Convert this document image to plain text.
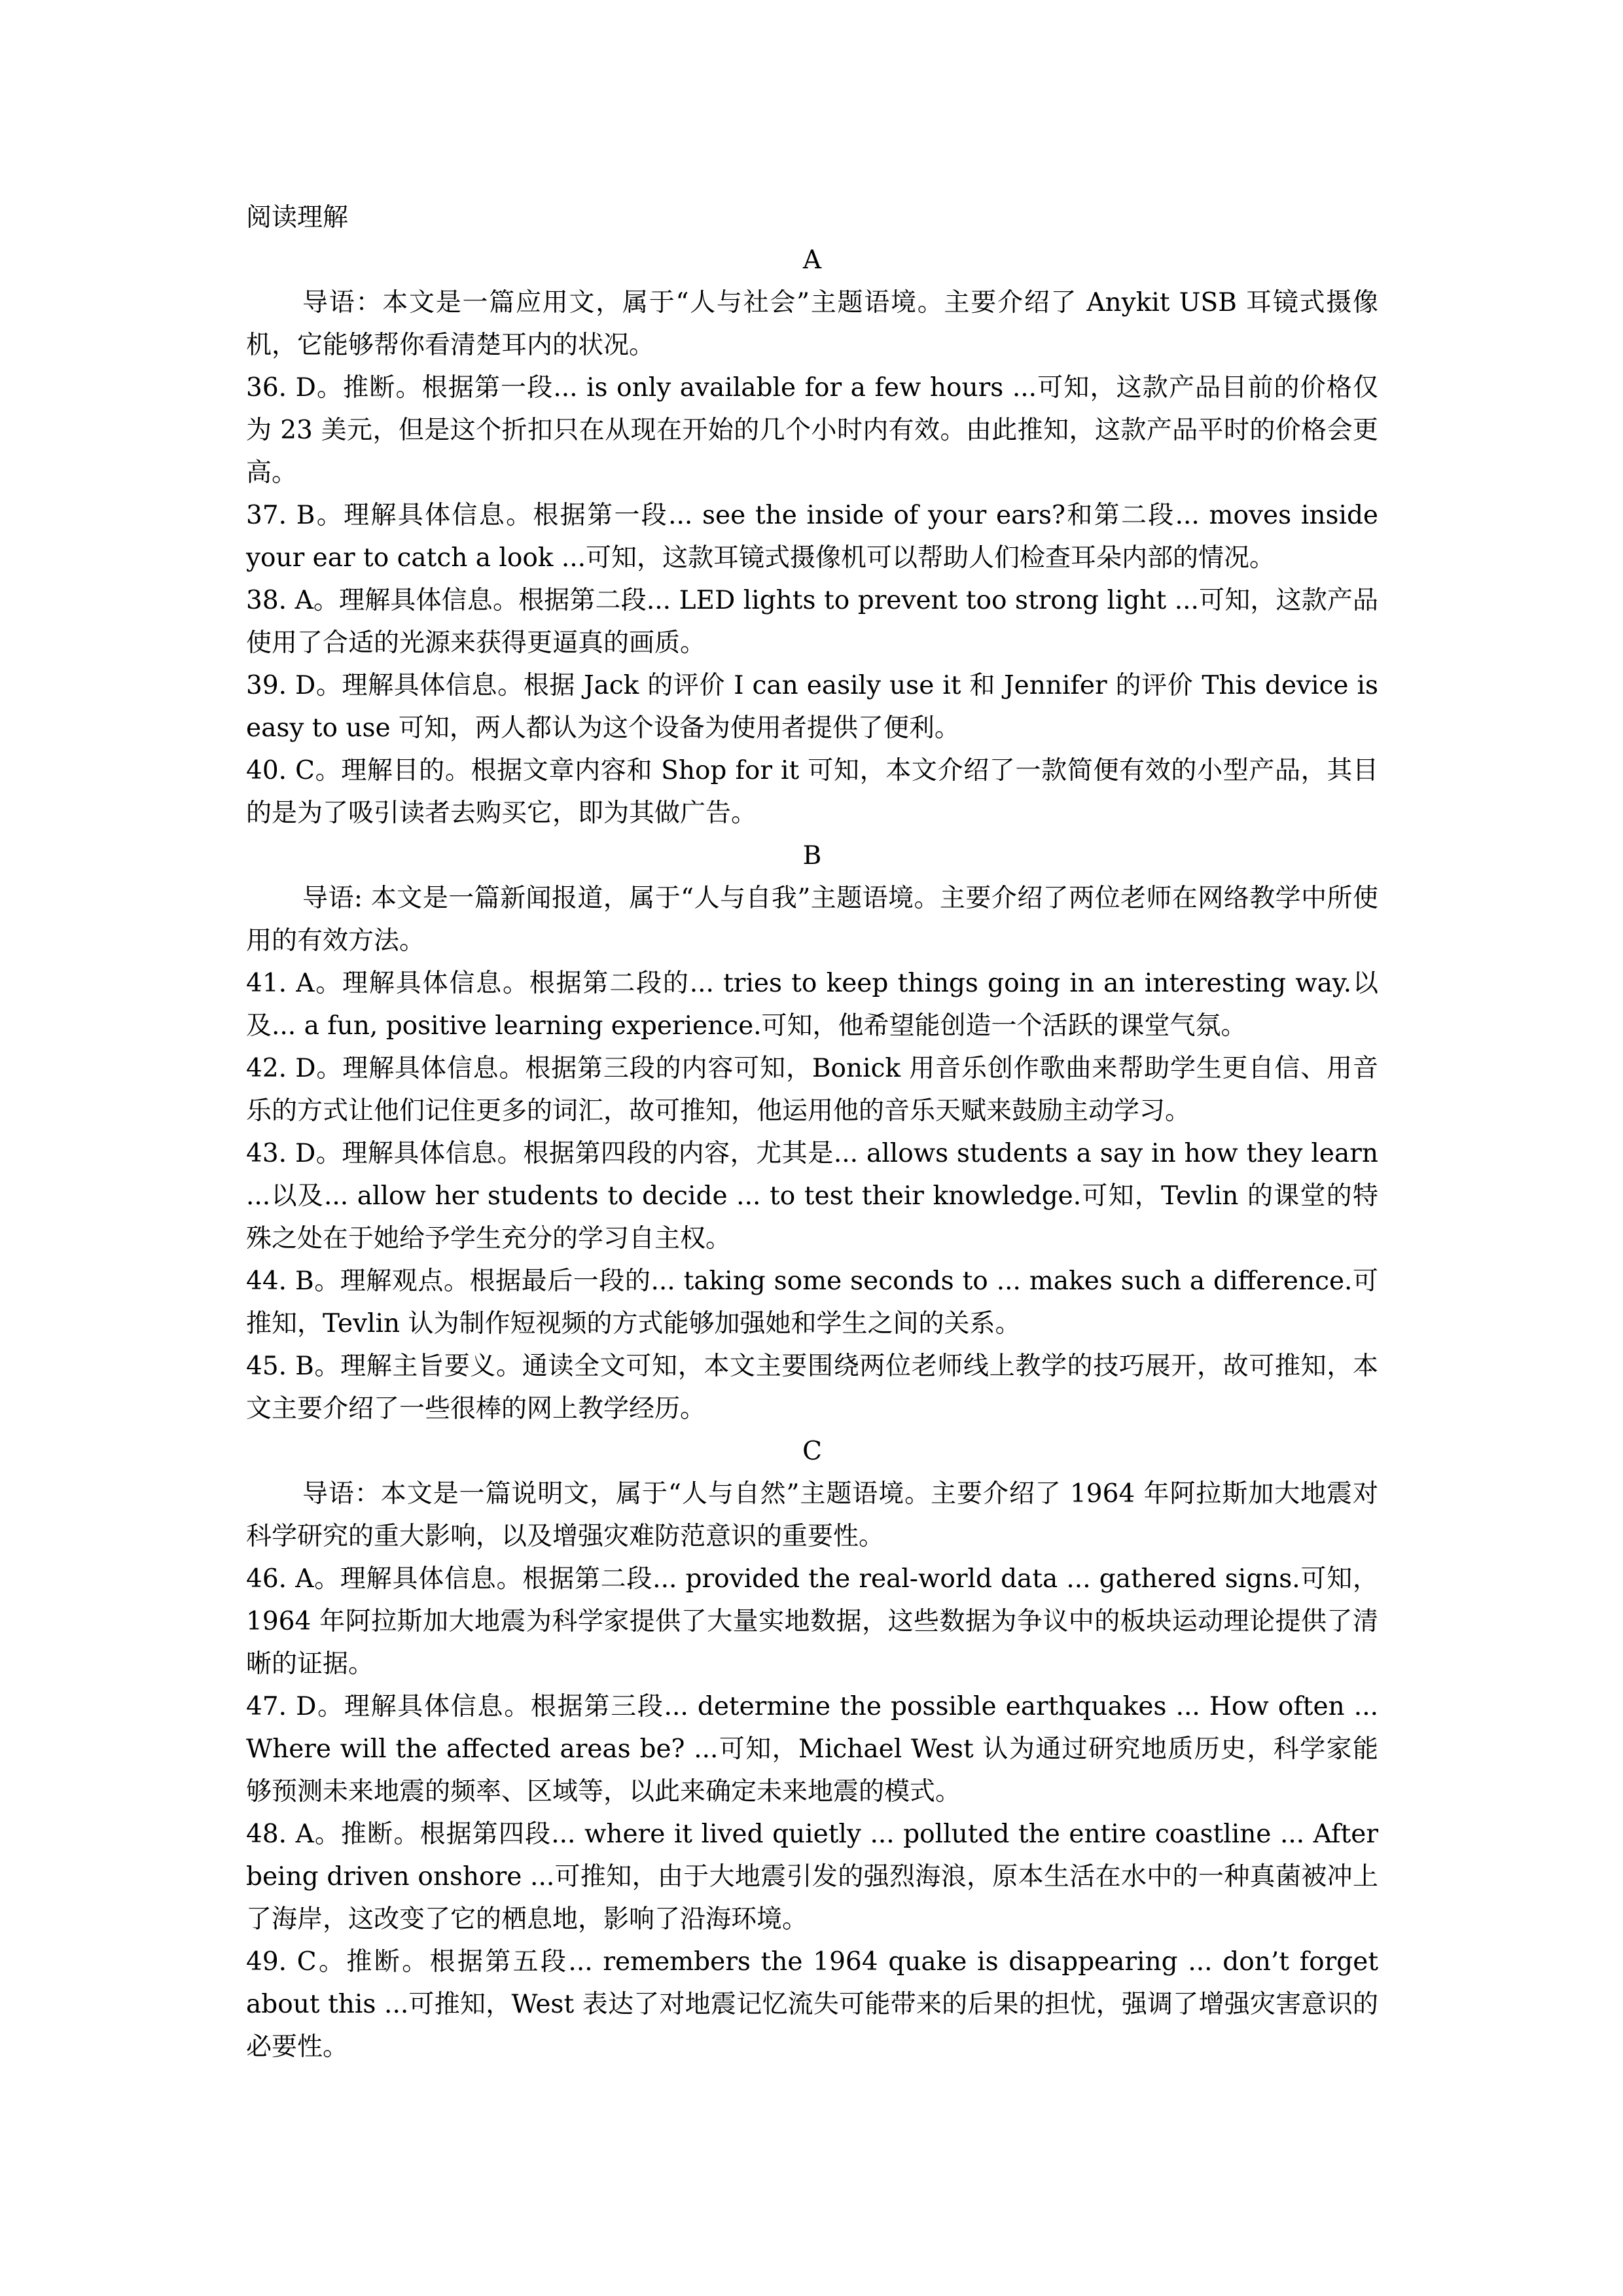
阅读理解

A

导语：本文是一篇应用文，属于“人与社会”主题语境。主要介绍了 Anykit USB 耳镜式摄像机，它能够帮你看清楚耳内的状况。

36. D。推断。根据第一段... is only available for a few hours ...可知，这款产品目前的价格仅为 23 美元，但是这个折扣只在从现在开始的几个小时内有效。由此推知，这款产品平时的价格会更高。

37. B。理解具体信息。根据第一段... see the inside of your ears?和第二段... moves inside your ear to catch a look ...可知，这款耳镜式摄像机可以帮助人们检查耳朵内部的情况。

38. A。理解具体信息。根据第二段... LED lights to prevent too strong light ...可知，这款产品使用了合适的光源来获得更逼真的画质。

39. D。理解具体信息。根据 Jack 的评价 I can easily use it 和 Jennifer 的评价 This device is easy to use 可知，两人都认为这个设备为使用者提供了便利。

40. C。理解目的。根据文章内容和 Shop for it 可知，本文介绍了一款简便有效的小型产品，其目的是为了吸引读者去购买它，即为其做广告。

B

导语: 本文是一篇新闻报道，属于“人与自我”主题语境。主要介绍了两位老师在网络教学中所使用的有效方法。

41. A。理解具体信息。根据第二段的... tries to keep things going in an interesting way.以及... a fun, positive learning experience.可知，他希望能创造一个活跃的课堂气氛。

42. D。理解具体信息。根据第三段的内容可知，Bonick 用音乐创作歌曲来帮助学生更自信、用音乐的方式让他们记住更多的词汇，故可推知，他运用他的音乐天赋来鼓励主动学习。

43. D。理解具体信息。根据第四段的内容，尤其是... allows students a say in how they learn ...以及... allow her students to decide ... to test their knowledge.可知，Tevlin 的课堂的特殊之处在于她给予学生充分的学习自主权。

44. B。理解观点。根据最后一段的... taking some seconds to ... makes such a difference.可推知，Tevlin 认为制作短视频的方式能够加强她和学生之间的关系。

45. B。理解主旨要义。通读全文可知，本文主要围绕两位老师线上教学的技巧展开，故可推知，本文主要介绍了一些很棒的网上教学经历。

C

导语：本文是一篇说明文，属于“人与自然”主题语境。主要介绍了 1964 年阿拉斯加大地震对科学研究的重大影响，以及增强灾难防范意识的重要性。

46. A。理解具体信息。根据第二段... provided the real-world data ... gathered signs.可知，1964 年阿拉斯加大地震为科学家提供了大量实地数据，这些数据为争议中的板块运动理论提供了清晰的证据。

47. D。理解具体信息。根据第三段... determine the possible earthquakes ... How often ... Where will the affected areas be? ...可知，Michael West 认为通过研究地质历史，科学家能够预测未来地震的频率、区域等，以此来确定未来地震的模式。

48. A。推断。根据第四段... where it lived quietly ... polluted the entire coastline ... After being driven onshore ...可推知，由于大地震引发的强烈海浪，原本生活在水中的一种真菌被冲上了海岸，这改变了它的栖息地，影响了沿海环境。

49. C。推断。根据第五段... remembers the 1964 quake is disappearing ... don’t forget about this ...可推知，West 表达了对地震记忆流失可能带来的后果的担忧，强调了增强灾害意识的必要性。
